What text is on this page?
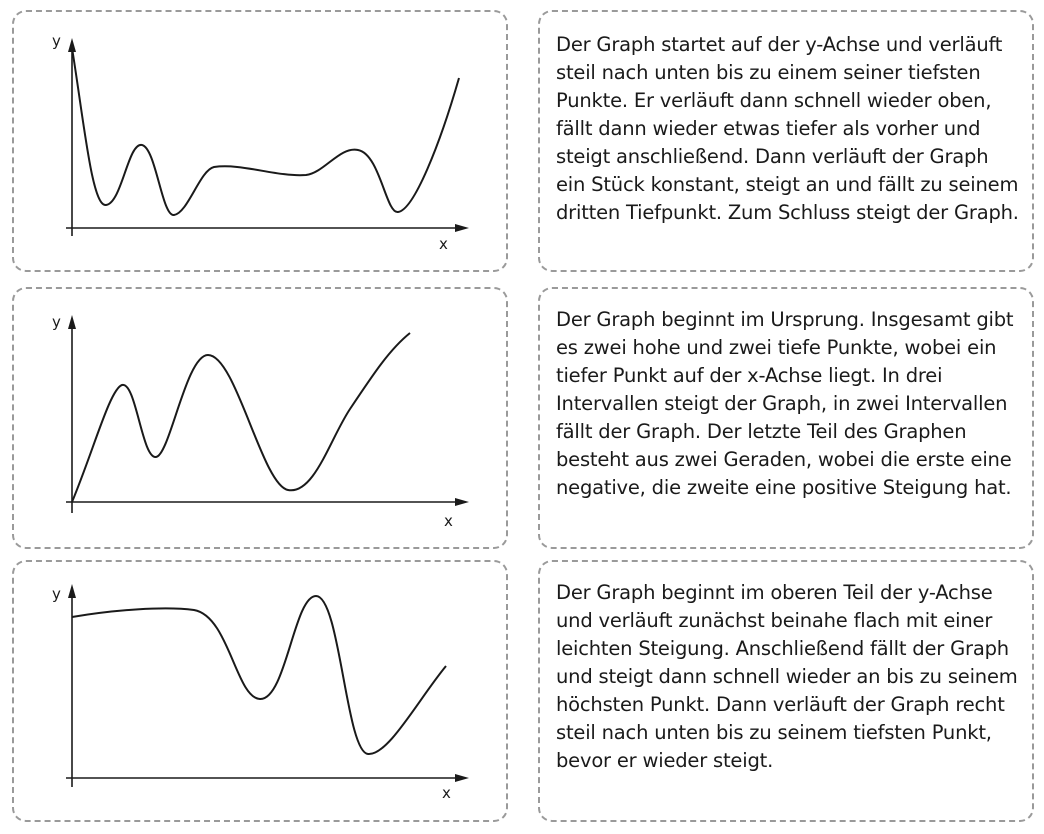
y
x

Der Graph startet auf der y-Achse und verläuft steil nach unten bis zu einem seiner tiefsten Punkte. Er verläuft dann schnell wieder oben, fällt dann wieder etwas tiefer als vorher und steigt anschließend. Dann verläuft der Graph ein Stück konstant, steigt an und fällt zu seinem dritten Tiefpunkt. Zum Schluss steigt der Graph.

y
x

Der Graph beginnt im Ursprung. Insgesamt gibt es zwei hohe und zwei tiefe Punkte, wobei ein tiefer Punkt auf der x-Achse liegt. In drei Intervallen steigt der Graph, in zwei Intervallen fällt der Graph. Der letzte Teil des Graphen besteht aus zwei Geraden, wobei die erste eine negative, die zweite eine positive Steigung hat.

y
x

Der Graph beginnt im oberen Teil der y-Achse und verläuft zunächst beinahe flach mit einer leichten Steigung. Anschließend fällt der Graph und steigt dann schnell wieder an bis zu seinem höchsten Punkt. Dann verläuft der Graph recht steil nach unten bis zu seinem tiefsten Punkt, bevor er wieder steigt.
